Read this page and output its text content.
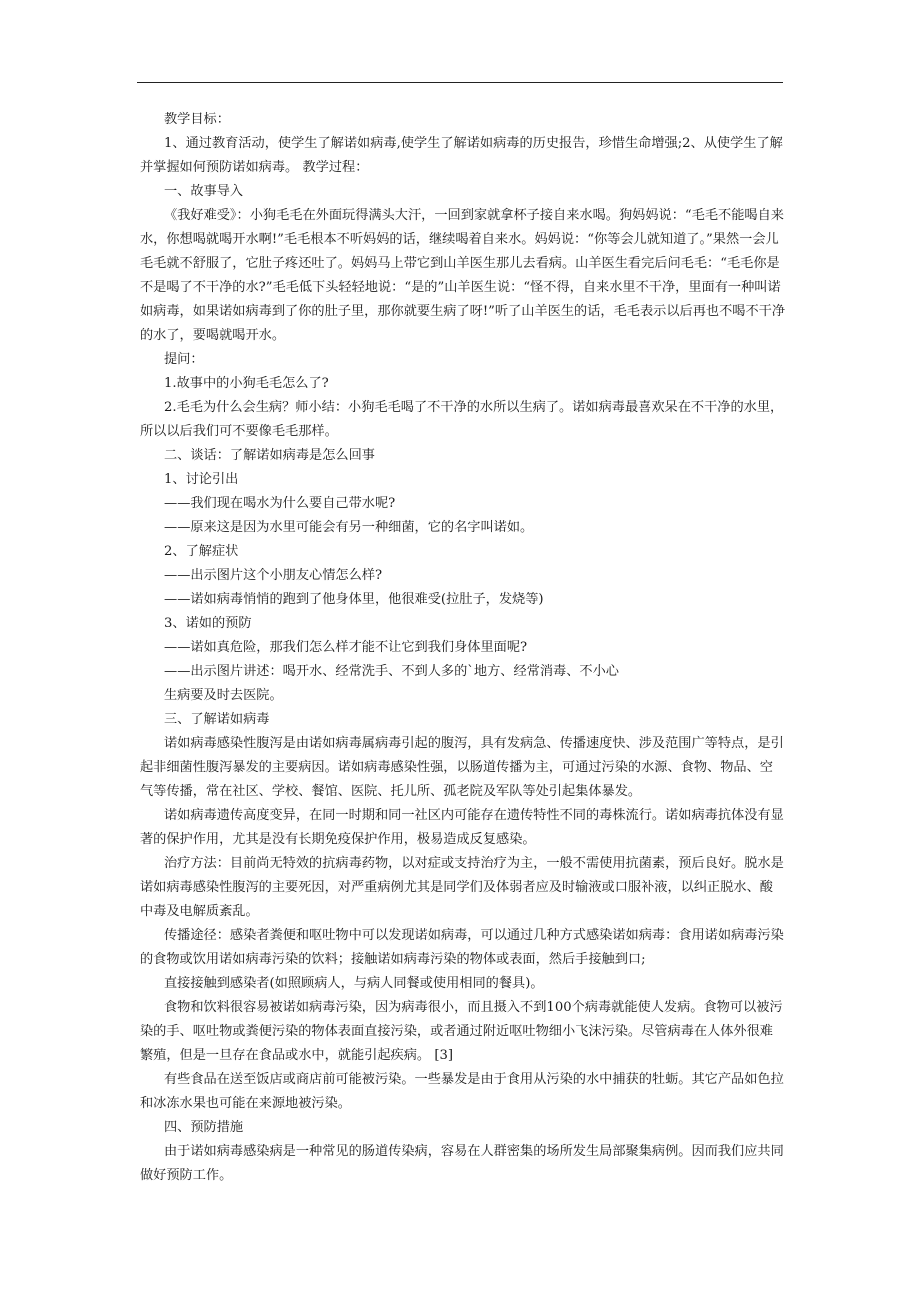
教学目标：

1、通过教育活动，使学生了解诺如病毒,使学生了解诺如病毒的历史报告，珍惜生命增强;2、从使学生了解并掌握如何预防诺如病毒。 教学过程：

一、故事导入

《我好难受》：小狗毛毛在外面玩得满头大汗，一回到家就拿杯子接自来水喝。狗妈妈说：“毛毛不能喝自来水，你想喝就喝开水啊!”毛毛根本不听妈妈的话，继续喝着自来水。妈妈说：“你等会儿就知道了。”果然一会儿毛毛就不舒服了，它肚子疼还吐了。妈妈马上带它到山羊医生那儿去看病。山羊医生看完后问毛毛：“毛毛你是不是喝了不干净的水?”毛毛低下头轻轻地说：“是的”山羊医生说：“怪不得，自来水里不干净，里面有一种叫诺如病毒，如果诺如病毒到了你的肚子里，那你就要生病了呀!”听了山羊医生的话，毛毛表示以后再也不喝不干净的水了，要喝就喝开水。

提问：

1.故事中的小狗毛毛怎么了?

2.毛毛为什么会生病？师小结：小狗毛毛喝了不干净的水所以生病了。诺如病毒最喜欢呆在不干净的水里，所以以后我们可不要像毛毛那样。

二、谈话：了解诺如病毒是怎么回事

1、讨论引出

——我们现在喝水为什么要自己带水呢?

——原来这是因为水里可能会有另一种细菌，它的名字叫诺如。

2、了解症状

——出示图片这个小朋友心情怎么样?

——诺如病毒悄悄的跑到了他身体里，他很难受(拉肚子，发烧等)

3、诺如的预防

——诺如真危险，那我们怎么样才能不让它到我们身体里面呢?

——出示图片讲述：喝开水、经常洗手、不到人多的`地方、经常消毒、不小心

生病要及时去医院。

三、了解诺如病毒

诺如病毒感染性腹泻是由诺如病毒属病毒引起的腹泻，具有发病急、传播速度快、涉及范围广等特点，是引起非细菌性腹泻暴发的主要病因。诺如病毒感染性强，以肠道传播为主，可通过污染的水源、食物、物品、空气等传播，常在社区、学校、餐馆、医院、托儿所、孤老院及军队等处引起集体暴发。

诺如病毒遗传高度变异，在同一时期和同一社区内可能存在遗传特性不同的毒株流行。诺如病毒抗体没有显著的保护作用，尤其是没有长期免疫保护作用，极易造成反复感染。

治疗方法：目前尚无特效的抗病毒药物，以对症或支持治疗为主，一般不需使用抗菌素，预后良好。脱水是诺如病毒感染性腹泻的主要死因，对严重病例尤其是同学们及体弱者应及时输液或口服补液，以纠正脱水、酸中毒及电解质紊乱。

传播途径：感染者粪便和呕吐物中可以发现诺如病毒，可以通过几种方式感染诺如病毒：食用诺如病毒污染的食物或饮用诺如病毒污染的饮料；接触诺如病毒污染的物体或表面，然后手接触到口;

直接接触到感染者(如照顾病人，与病人同餐或使用相同的餐具)。

食物和饮料很容易被诺如病毒污染，因为病毒很小，而且摄入不到100个病毒就能使人发病。食物可以被污染的手、呕吐物或粪便污染的物体表面直接污染，或者通过附近呕吐物细小飞沫污染。尽管病毒在人体外很难繁殖，但是一旦存在食品或水中，就能引起疾病。 [3]

有些食品在送至饭店或商店前可能被污染。一些暴发是由于食用从污染的水中捕获的牡蛎。其它产品如色拉和冰冻水果也可能在来源地被污染。

四、预防措施

由于诺如病毒感染病是一种常见的肠道传染病，容易在人群密集的场所发生局部聚集病例。因而我们应共同做好预防工作。
